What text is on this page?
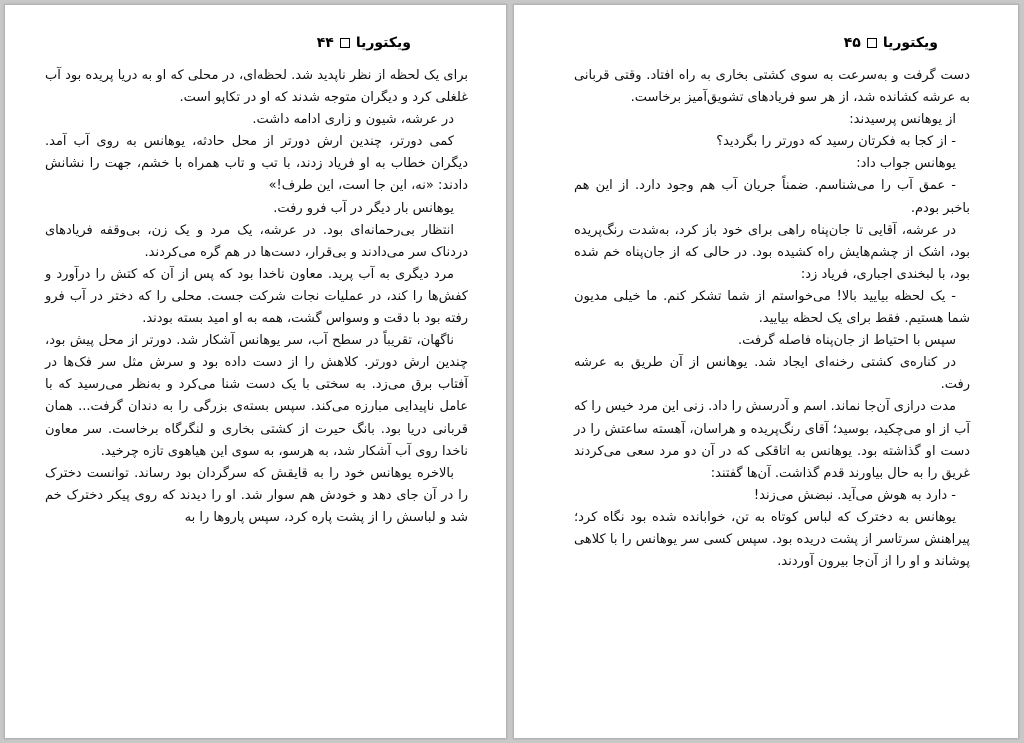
ویکتوریا۴۴

برای یک لحظه از نظر ناپدید شد. لحظه‌ای، در محلی که او به دریا پریده بود آب غلغلی کرد و دیگران متوجه شدند که او در تکاپو است.

در عرشه، شیون و زاری ادامه داشت.

کمی دورتر، چندین ارش دورتر از محل حادثه، یوهانس به روی آب آمد. دیگران خطاب به او فریاد زدند، با تب و تاب همراه با خشم، جهت را نشانش دادند: «نه، این جا است، این طرف!»

یوهانس بار دیگر در آب فرو رفت.

انتظار بی‌رحمانه‌ای بود. در عرشه، یک مرد و یک زن، بی‌وقفه فریادهای دردناک سر می‌دادند و بی‌قرار، دست‌ها در هم گره می‌کردند.

مرد دیگری به آب پرید. معاون ناخدا بود که پس از آن که کتش را درآورد و کفش‌ها را کند، در عملیات نجات شرکت جست. محلی را که دختر در آب فرو رفته بود با دقت و وسواس گشت، همه به او امید بسته بودند.

ناگهان، تقریباً در سطح آب، سر یوهانس آشکار شد. دورتر از محل پیش بود، چندین ارش دورتر. کلاهش را از دست داده بود و سرش مثل سر فک‌ها در آفتاب برق می‌زد. به سختی با یک دست شنا می‌کرد و به‌نظر می‌رسید که با عامل ناپیدایی مبارزه می‌کند. سپس بسته‌ی بزرگی را به دندان گرفت... همان قربانی دریا بود. بانگ حیرت از کشتی بخاری و لنگرگاه برخاست. سر معاون ناخدا روی آب آشکار شد، به هرسو، به سوی این هیاهوی تازه چرخید.

بالاخره یوهانس خود را به قایقش که سرگردان بود رساند. توانست دخترک را در آن جای دهد و خودش هم سوار شد. او را دیدند که روی پیکر دخترک خم شد و لباسش را از پشت پاره کرد، سپس پاروها را به

ویکتوریا۴۵

دست گرفت و به‌سرعت به سوی کشتی بخاری به راه افتاد. وقتی قربانی به عرشه کشانده شد، از هر سو فریادهای تشویق‌آمیز برخاست.

از یوهانس پرسیدند:

- از کجا به فکرتان رسید که دورتر را بگردید؟

یوهانس جواب داد:

- عمق آب را می‌شناسم. ضمناً جریان آب هم وجود دارد. از این هم باخبر بودم.

در عرشه، آقایی تا جان‌پناه راهی برای خود باز کرد، به‌شدت رنگ‌پریده بود، اشک از چشم‌هایش راه کشیده بود. در حالی که از جان‌پناه خم شده بود، با لبخندی اجباری، فریاد زد:

- یک لحظه بیایید بالا! می‌خواستم از شما تشکر کنم. ما خیلی مدیون شما هستیم. فقط برای یک لحظه بیایید.

سپس با احتیاط از جان‌پناه فاصله گرفت.

در کناره‌ی کشتی رخنه‌ای ایجاد شد. یوهانس از آن طریق به عرشه رفت.

مدت درازی آن‌جا نماند. اسم و آدرسش را داد. زنی این مرد خیس را که آب از او می‌چکید، بوسید؛ آقای رنگ‌پریده و هراسان، آهسته ساعتش را در دست او گذاشته بود. یوهانس به اتاقکی که در آن دو مرد سعی می‌کردند غریق را به حال بیاورند قدم گذاشت. آن‌ها گفتند:

- دارد به هوش می‌آید. نبضش می‌زند!

یوهانس به دخترک که لباس کوتاه به تن، خوابانده شده بود نگاه کرد؛ پیراهنش سرتاسر از پشت دریده بود. سپس کسی سر یوهانس را با کلاهی پوشاند و او را از آن‌جا بیرون آوردند.
